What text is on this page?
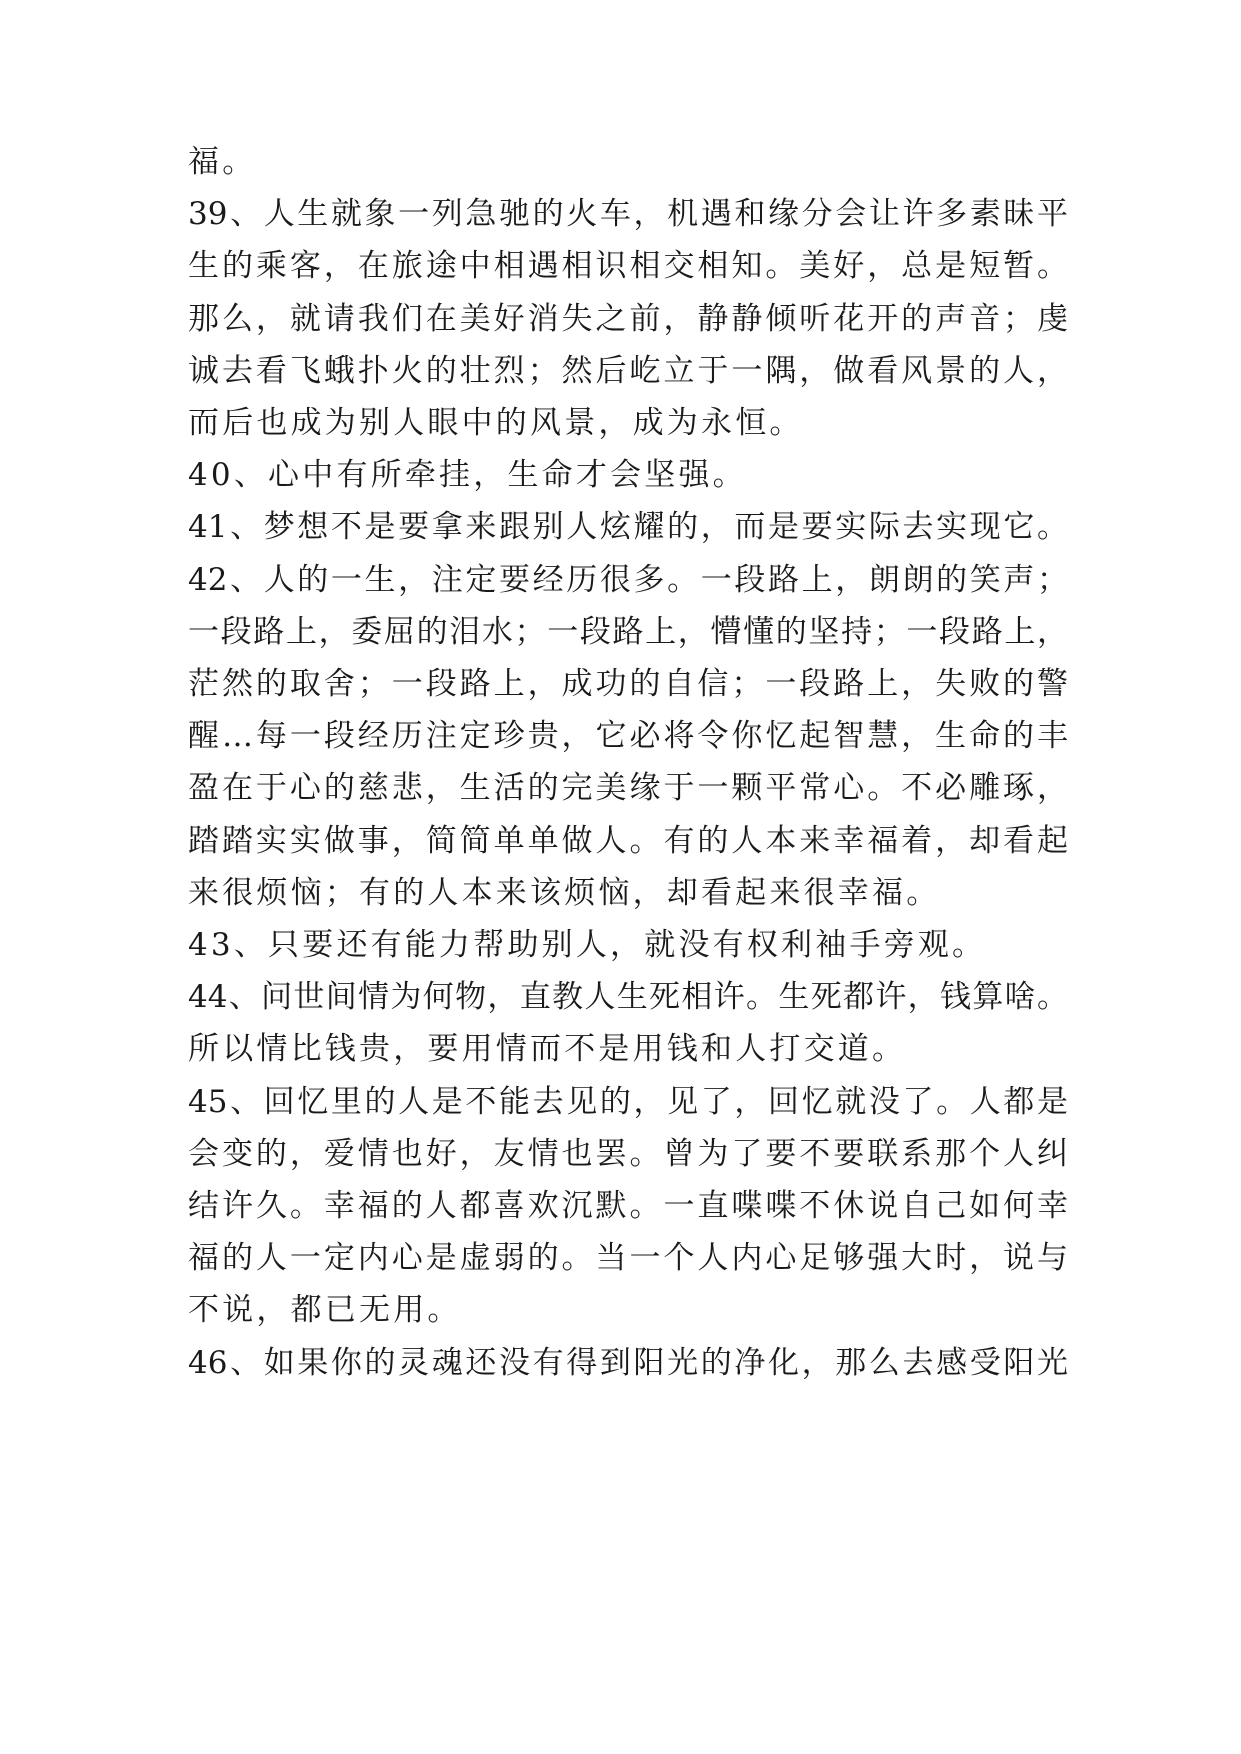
福。
39、人生就象一列急驰的火车，机遇和缘分会让许多素昧平
生的乘客，在旅途中相遇相识相交相知。美好，总是短暂。
那么，就请我们在美好消失之前，静静倾听花开的声音；虔
诚去看飞蛾扑火的壮烈；然后屹立于一隅，做看风景的人，
而后也成为别人眼中的风景，成为永恒。
40、心中有所牵挂，生命才会坚强。
41、梦想不是要拿来跟别人炫耀的，而是要实际去实现它。
42、人的一生，注定要经历很多。一段路上，朗朗的笑声；
一段路上，委屈的泪水；一段路上，懵懂的坚持；一段路上，
茫然的取舍；一段路上，成功的自信；一段路上，失败的警
醒…每一段经历注定珍贵，它必将令你忆起智慧，生命的丰
盈在于心的慈悲，生活的完美缘于一颗平常心。不必雕琢，
踏踏实实做事，简简单单做人。有的人本来幸福着，却看起
来很烦恼；有的人本来该烦恼，却看起来很幸福。
43、只要还有能力帮助别人，就没有权利袖手旁观。
44、问世间情为何物，直教人生死相许。生死都许，钱算啥。
所以情比钱贵，要用情而不是用钱和人打交道。
45、回忆里的人是不能去见的，见了，回忆就没了。人都是
会变的，爱情也好，友情也罢。曾为了要不要联系那个人纠
结许久。幸福的人都喜欢沉默。一直喋喋不休说自己如何幸
福的人一定内心是虚弱的。当一个人内心足够强大时，说与
不说，都已无用。
46、如果你的灵魂还没有得到阳光的净化，那么去感受阳光
